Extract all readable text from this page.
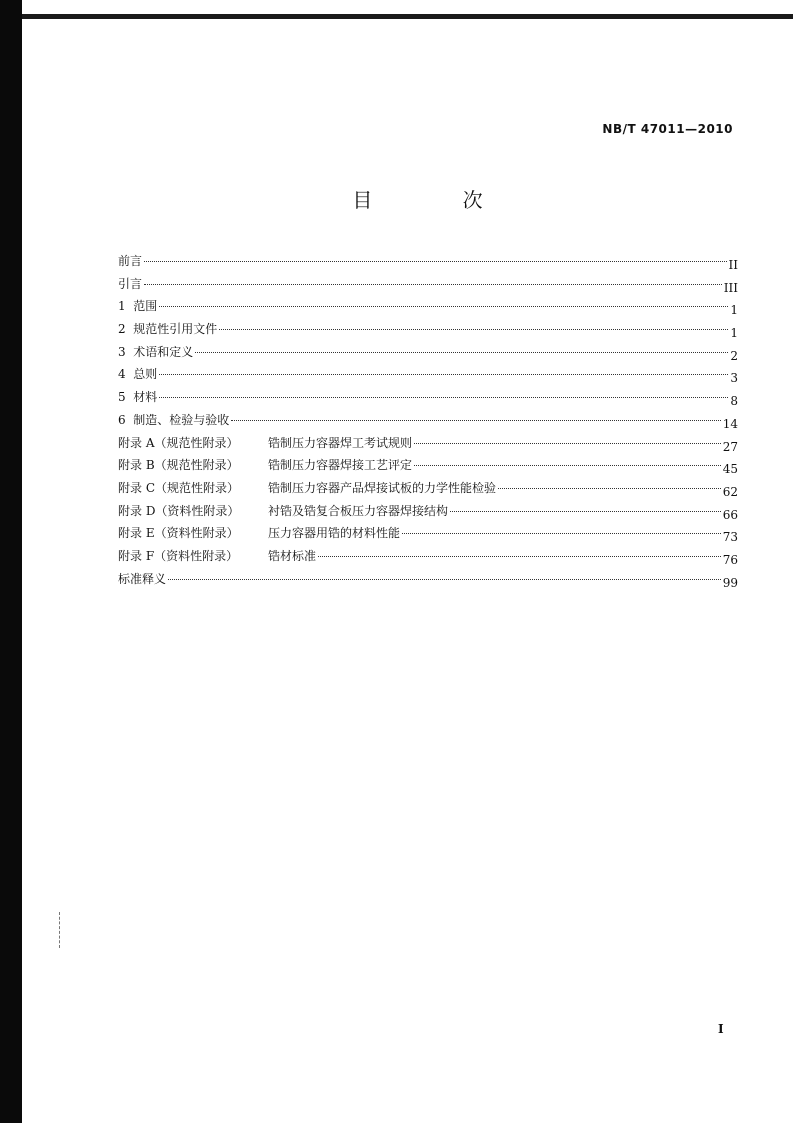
NB/T 47011—2010
目 次
前言	II
引言	III
1  范围	1
2  规范性引用文件	1
3  术语和定义	2
4  总则	3
5  材料	8
6  制造、检验与验收	14
附录 A（规范性附录）	锆制压力容器焊工考试规则	27
附录 B（规范性附录）	锆制压力容器焊接工艺评定	45
附录 C（规范性附录）	锆制压力容器产品焊接试板的力学性能检验	62
附录 D（资料性附录）	衬锆及锆复合板压力容器焊接结构	66
附录 E（资料性附录）	压力容器用锆的材料性能	73
附录 F（资料性附录）	锆材标准	76
标准释义	99
I
